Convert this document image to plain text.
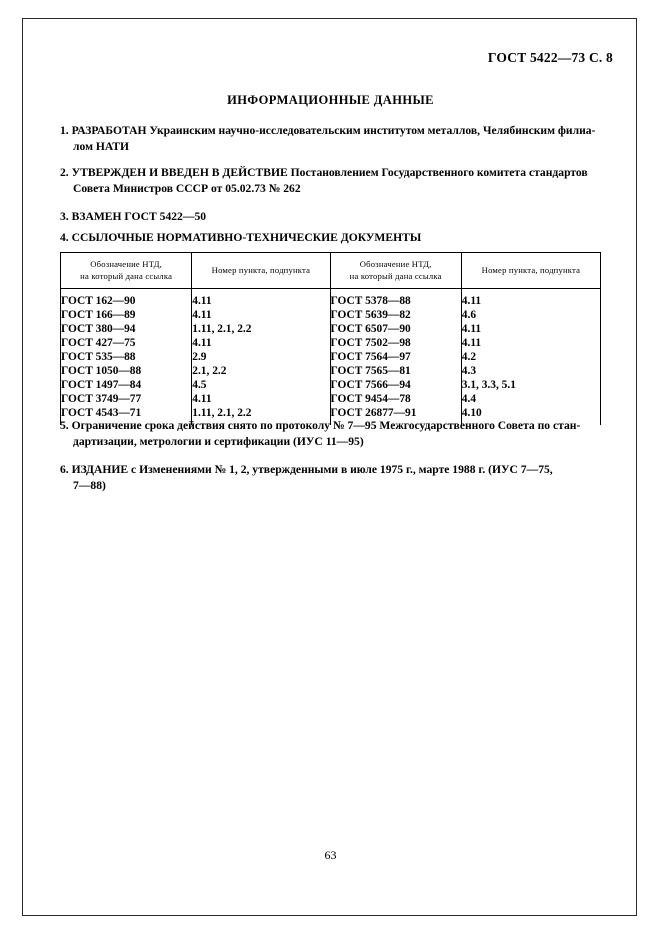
ГОСТ 5422—73 С. 8
ИНФОРМАЦИОННЫЕ ДАННЫЕ
1. РАЗРАБОТАН Украинским научно-исследовательским институтом металлов, Челябинским филиа-
лом НАТИ
2. УТВЕРЖДЕН И ВВЕДЕН В ДЕЙСТВИЕ Постановлением Государственного комитета стандартов
Совета Министров СССР от 05.02.73 № 262
3. ВЗАМЕН ГОСТ 5422—50
4. ССЫЛОЧНЫЕ НОРМАТИВНО-ТЕХНИЧЕСКИЕ ДОКУМЕНТЫ
Обозначение НТД,
на который дана ссылка	Номер пункта, подпункта	Обозначение НТД,
на который дана ссылка	Номер пункта, подпункта
ГОСТ 162—90	4.11	ГОСТ 5378—88	4.11
ГОСТ 166—89	4.11	ГОСТ 5639—82	4.6
ГОСТ 380—94	1.11, 2.1, 2.2	ГОСТ 6507—90	4.11
ГОСТ 427—75	4.11	ГОСТ 7502—98	4.11
ГОСТ 535—88	2.9	ГОСТ 7564—97	4.2
ГОСТ 1050—88	2.1, 2.2	ГОСТ 7565—81	4.3
ГОСТ 1497—84	4.5	ГОСТ 7566—94	3.1, 3.3, 5.1
ГОСТ 3749—77	4.11	ГОСТ 9454—78	4.4
ГОСТ 4543—71	1.11, 2.1, 2.2	ГОСТ 26877—91	4.10
5. Ограничение срока действия снято по протоколу № 7—95 Межгосударственного Совета по стан-
дартизации, метрологии и сертификации (ИУС 11—95)
6. ИЗДАНИЕ с Изменениями № 1, 2, утвержденными в июле 1975 г., марте 1988 г. (ИУС 7—75,
7—88)
63
